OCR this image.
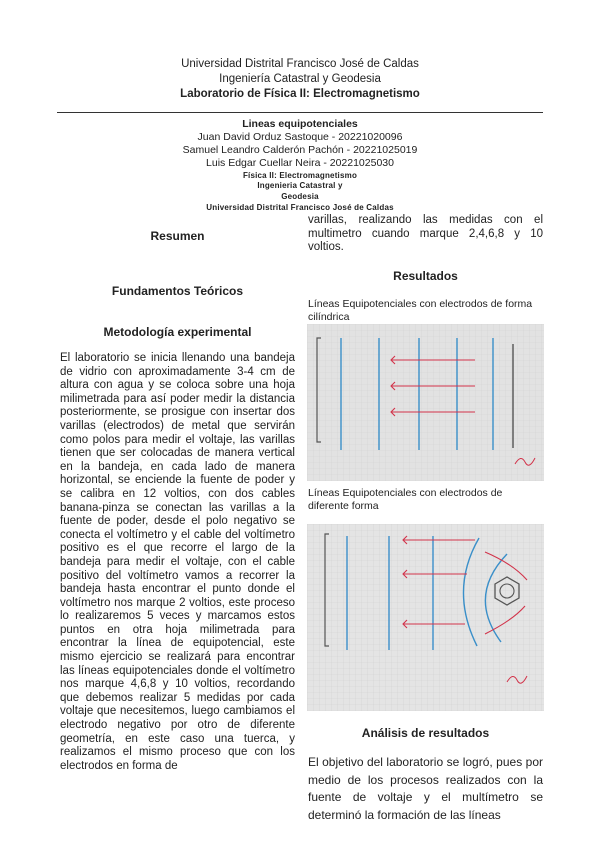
Universidad Distrital Francisco José de Caldas
Ingeniería Catastral y Geodesia
Laboratorio de Física II: Electromagnetismo
Lineas equipotenciales
Juan David Orduz Sastoque - 20221020096
Samuel Leandro Calderón Pachón - 20221025019
Luis Edgar Cuellar Neira - 20221025030
Física II: Electromagnetismo
Ingenieria Catastral y
Geodesia
Universidad Distrital Francisco José de Caldas
Resumen
Fundamentos Teóricos
Metodología experimental
El laboratorio se inicia llenando una bandeja de vidrio con aproximadamente 3-4 cm de altura con agua y se coloca sobre una hoja milimetrada para así poder medir la distancia posteriormente, se prosigue con insertar dos varillas (electrodos) de metal que servirán como polos para medir el voltaje, las varillas tienen que ser colocadas de manera vertical en la bandeja, en cada lado de manera horizontal, se enciende la fuente de poder y se calibra en 12 voltios, con dos cables banana-pinza se conectan las varillas a la fuente de poder, desde el polo negativo se conecta el voltímetro y el cable del voltímetro positivo es el que recorre el largo de la bandeja para medir el voltaje, con el cable positivo del voltímetro vamos a recorrer la bandeja hasta encontrar el punto donde el voltímetro nos marque 2 voltios, este proceso lo realizaremos 5 veces y marcamos estos puntos en otra hoja milimetrada para encontrar la línea de equipotencial, este mismo ejercicio se realizará para encontrar las líneas equipotenciales donde el voltímetro nos marque 4,6,8 y 10 voltios, recordando que debemos realizar 5 medidas por cada voltaje que necesitemos, luego cambiamos el electrodo negativo por otro de diferente geometría, en este caso una tuerca, y realizamos el mismo proceso que con los electrodos en forma de
varillas, realizando las medidas con el multimetro cuando marque 2,4,6,8 y 10 voltios.
Resultados
Líneas Equipotenciales con electrodos de forma cilíndrica
Líneas Equipotenciales con electrodos de diferente forma
Análisis de resultados
El objetivo del laboratorio se logró, pues por medio de los procesos realizados con la fuente de voltaje y el multímetro se determinó la formación de las líneas
